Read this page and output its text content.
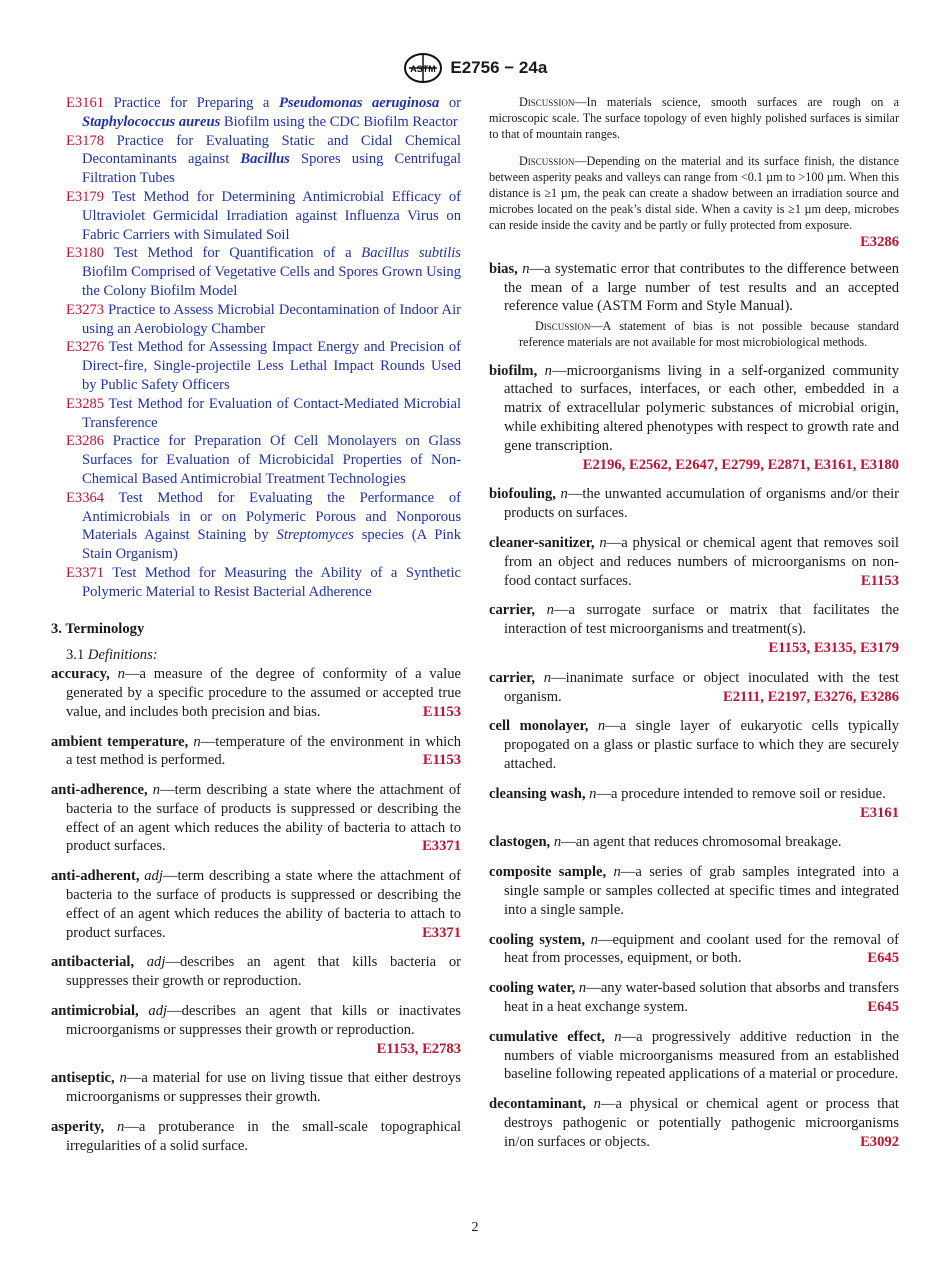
ASTM E2756 − 24a
E3161 Practice for Preparing a Pseudomonas aeruginosa or Staphylococcus aureus Biofilm using the CDC Biofilm Reactor
E3178 Practice for Evaluating Static and Cidal Chemical Decontaminants against Bacillus Spores using Centrifugal Filtration Tubes
E3179 Test Method for Determining Antimicrobial Efficacy of Ultraviolet Germicidal Irradiation against Influenza Virus on Fabric Carriers with Simulated Soil
E3180 Test Method for Quantification of a Bacillus subtilis Biofilm Comprised of Vegetative Cells and Spores Grown Using the Colony Biofilm Model
E3273 Practice to Assess Microbial Decontamination of Indoor Air using an Aerobiology Chamber
E3276 Test Method for Assessing Impact Energy and Precision of Direct-fire, Single-projectile Less Lethal Impact Rounds Used by Public Safety Officers
E3285 Test Method for Evaluation of Contact-Mediated Microbial Transference
E3286 Practice for Preparation Of Cell Monolayers on Glass Surfaces for Evaluation of Microbicidal Properties of Non-Chemical Based Antimicrobial Treatment Technologies
E3364 Test Method for Evaluating the Performance of Antimicrobials in or on Polymeric Porous and Nonporous Materials Against Staining by Streptomyces species (A Pink Stain Organism)
E3371 Test Method for Measuring the Ability of a Synthetic Polymeric Material to Resist Bacterial Adherence
3. Terminology
3.1 Definitions:
accuracy, n—a measure of the degree of conformity of a value generated by a specific procedure to the assumed or accepted true value, and includes both precision and bias.	E1153
ambient temperature, n—temperature of the environment in which a test method is performed.	E1153
anti-adherence, n—term describing a state where the attachment of bacteria to the surface of products is suppressed or describing the effect of an agent which reduces the ability of bacteria to attach to product surfaces.	E3371
anti-adherent, adj—term describing a state where the attachment of bacteria to the surface of products is suppressed or describing the effect of an agent which reduces the ability of bacteria to attach to product surfaces.	E3371
antibacterial, adj—describes an agent that kills bacteria or suppresses their growth or reproduction.
antimicrobial, adj—describes an agent that kills or inactivates microorganisms or suppresses their growth or reproduction.
E1153, E2783
antiseptic, n—a material for use on living tissue that either destroys microorganisms or suppresses their growth.
asperity, n—a protuberance in the small-scale topographical irregularities of a solid surface.
Discussion—In materials science, smooth surfaces are rough on a microscopic scale. The surface topology of even highly polished surfaces is similar to that of mountain ranges.
Discussion—Depending on the material and its surface finish, the distance between asperity peaks and valleys can range from <0.1 µm to >100 µm. When this distance is ≥1 µm, the peak can create a shadow between an irradiation source and microbes located on the peak’s distal side. When a cavity is ≥1 µm deep, microbes can reside inside the cavity and be partly or fully protected from exposure.
E3286
bias, n—a systematic error that contributes to the difference between the mean of a large number of test results and an accepted reference value (ASTM Form and Style Manual).
Discussion—A statement of bias is not possible because standard reference materials are not available for most microbiological methods.
biofilm, n—microorganisms living in a self-organized community attached to surfaces, interfaces, or each other, embedded in a matrix of extracellular polymeric substances of microbial origin, while exhibiting altered phenotypes with respect to growth rate and gene transcription.
E2196, E2562, E2647, E2799, E2871, E3161, E3180
biofouling, n—the unwanted accumulation of organisms and/or their products on surfaces.
cleaner-sanitizer, n—a physical or chemical agent that removes soil from an object and reduces numbers of microorganisms on non-food contact surfaces.	E1153
carrier, n—a surrogate surface or matrix that facilitates the interaction of test microorganisms and treatment(s).
E1153, E3135, E3179
carrier, n—inanimate surface or object inoculated with the test organism.	E2111, E2197, E3276, E3286
cell monolayer, n—a single layer of eukaryotic cells typically propogated on a glass or plastic surface to which they are securely attached.
cleansing wash, n—a procedure intended to remove soil or residue.
E3161
clastogen, n—an agent that reduces chromosomal breakage.
composite sample, n—a series of grab samples integrated into a single sample or samples collected at specific times and integrated into a single sample.
cooling system, n—equipment and coolant used for the removal of heat from processes, equipment, or both.	E645
cooling water, n—any water-based solution that absorbs and transfers heat in a heat exchange system.	E645
cumulative effect, n—a progressively additive reduction in the numbers of viable microorganisms measured from an established baseline following repeated applications of a material or procedure.
decontaminant, n—a physical or chemical agent or process that destroys pathogenic or potentially pathogenic microorganisms in/on surfaces or objects.	E3092
2
